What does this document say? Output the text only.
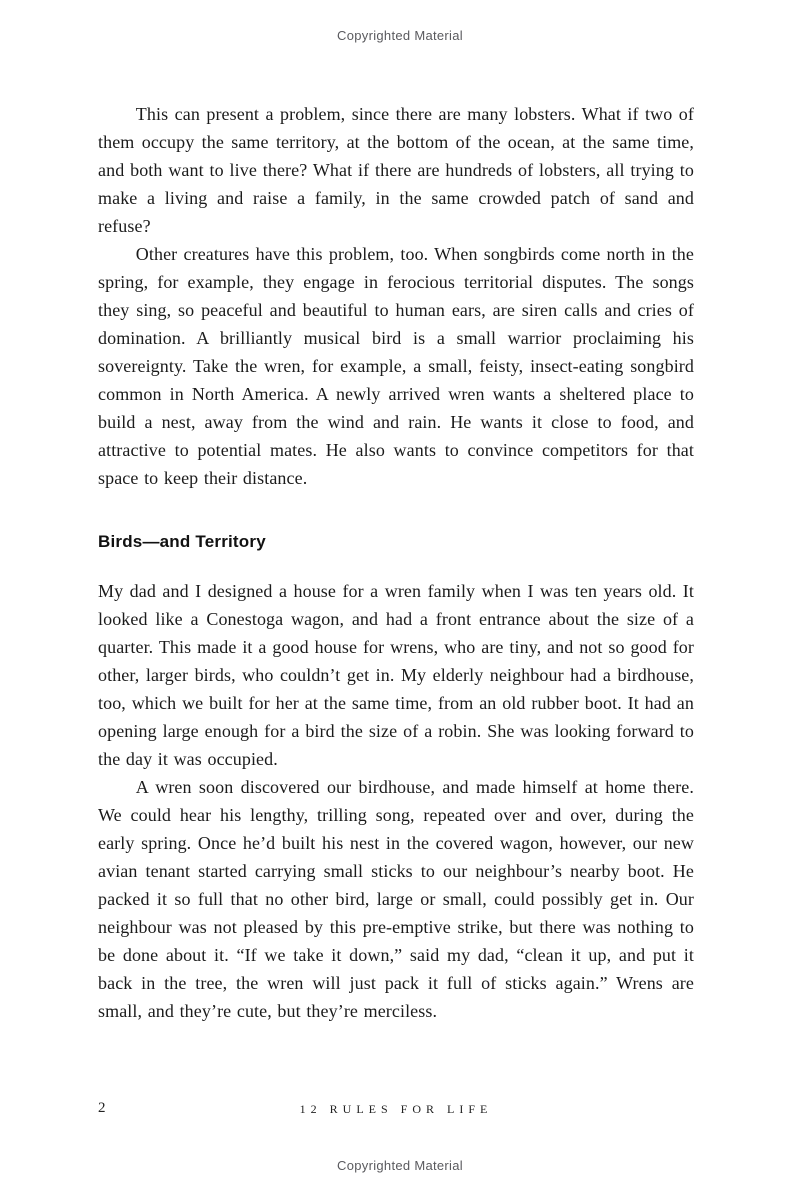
Copyrighted Material

This can present a problem, since there are many lobsters. What if two of them occupy the same territory, at the bottom of the ocean, at the same time, and both want to live there? What if there are hundreds of lobsters, all trying to make a living and raise a family, in the same crowded patch of sand and refuse?

Other creatures have this problem, too. When songbirds come north in the spring, for example, they engage in ferocious territorial disputes. The songs they sing, so peaceful and beautiful to human ears, are siren calls and cries of domination. A brilliantly musical bird is a small warrior proclaiming his sovereignty. Take the wren, for example, a small, feisty, insect-eating songbird common in North America. A newly arrived wren wants a sheltered place to build a nest, away from the wind and rain. He wants it close to food, and attractive to potential mates. He also wants to convince competitors for that space to keep their distance.

Birds—and Territory

My dad and I designed a house for a wren family when I was ten years old. It looked like a Conestoga wagon, and had a front entrance about the size of a quarter. This made it a good house for wrens, who are tiny, and not so good for other, larger birds, who couldn’t get in. My elderly neighbour had a birdhouse, too, which we built for her at the same time, from an old rubber boot. It had an opening large enough for a bird the size of a robin. She was looking forward to the day it was occupied.

A wren soon discovered our birdhouse, and made himself at home there. We could hear his lengthy, trilling song, repeated over and over, during the early spring. Once he’d built his nest in the covered wagon, however, our new avian tenant started carrying small sticks to our neighbour’s nearby boot. He packed it so full that no other bird, large or small, could possibly get in. Our neighbour was not pleased by this pre-emptive strike, but there was nothing to be done about it. “If we take it down,” said my dad, “clean it up, and put it back in the tree, the wren will just pack it full of sticks again.” Wrens are small, and they’re cute, but they’re merciless.

2	12 RULES FOR LIFE
Copyrighted Material
